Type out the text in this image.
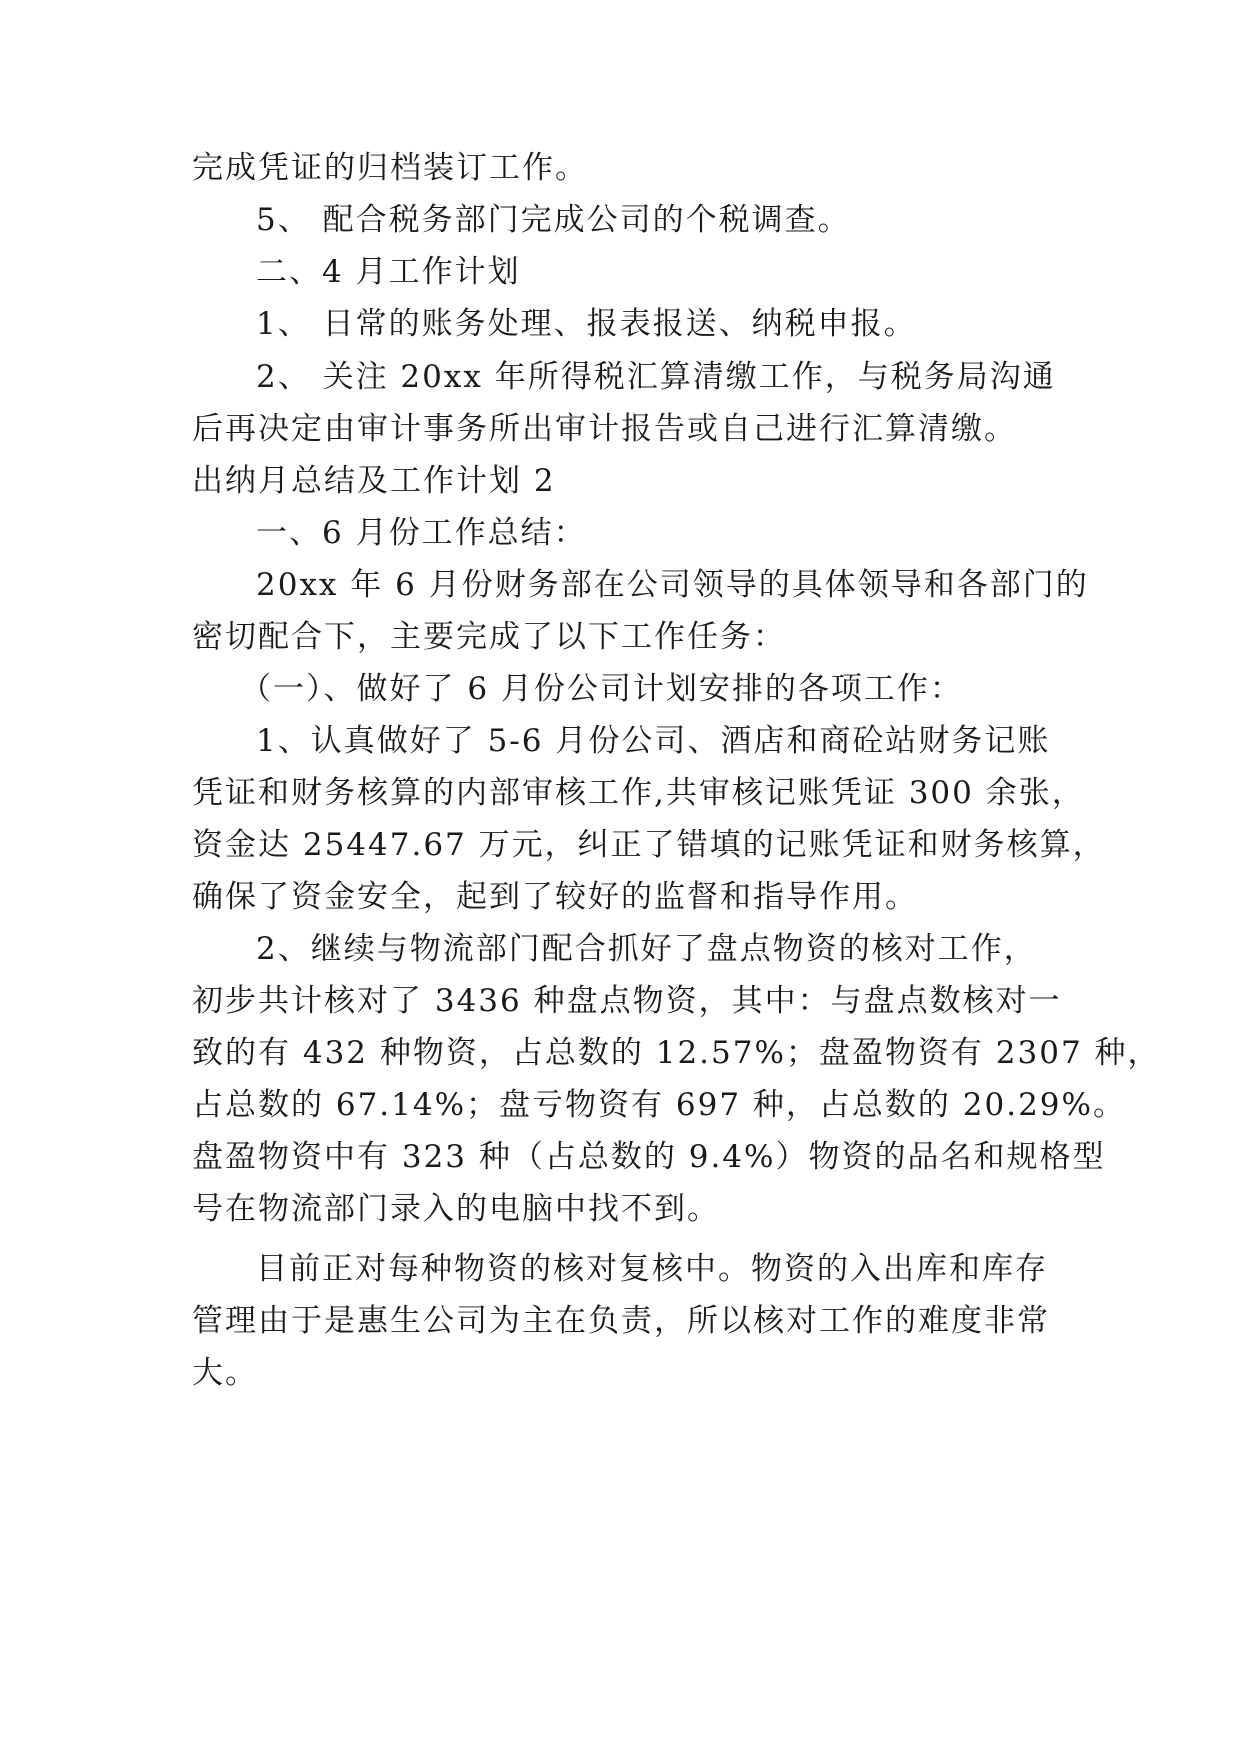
完成凭证的归档装订工作。
5、 配合税务部门完成公司的个税调查。
二、4 月工作计划
1、 日常的账务处理、报表报送、纳税申报。
2、 关注 20xx 年所得税汇算清缴工作，与税务局沟通
后再决定由审计事务所出审计报告或自己进行汇算清缴。
出纳月总结及工作计划 2
一、6 月份工作总结：
20xx 年 6 月份财务部在公司领导的具体领导和各部门的
密切配合下，主要完成了以下工作任务：
（一）、做好了 6 月份公司计划安排的各项工作：
1、认真做好了 5-6 月份公司、酒店和商砼站财务记账
凭证和财务核算的内部审核工作,共审核记账凭证 300 余张，
资金达 25447.67 万元，纠正了错填的记账凭证和财务核算，
确保了资金安全，起到了较好的监督和指导作用。
2、继续与物流部门配合抓好了盘点物资的核对工作，
初步共计核对了 3436 种盘点物资，其中：与盘点数核对一
致的有 432 种物资，占总数的 12.57%；盘盈物资有 2307 种，
占总数的 67.14%；盘亏物资有 697 种，占总数的 20.29%。
盘盈物资中有 323 种（占总数的 9.4%）物资的品名和规格型
号在物流部门录入的电脑中找不到。
目前正对每种物资的核对复核中。物资的入出库和库存
管理由于是惠生公司为主在负责，所以核对工作的难度非常
大。
